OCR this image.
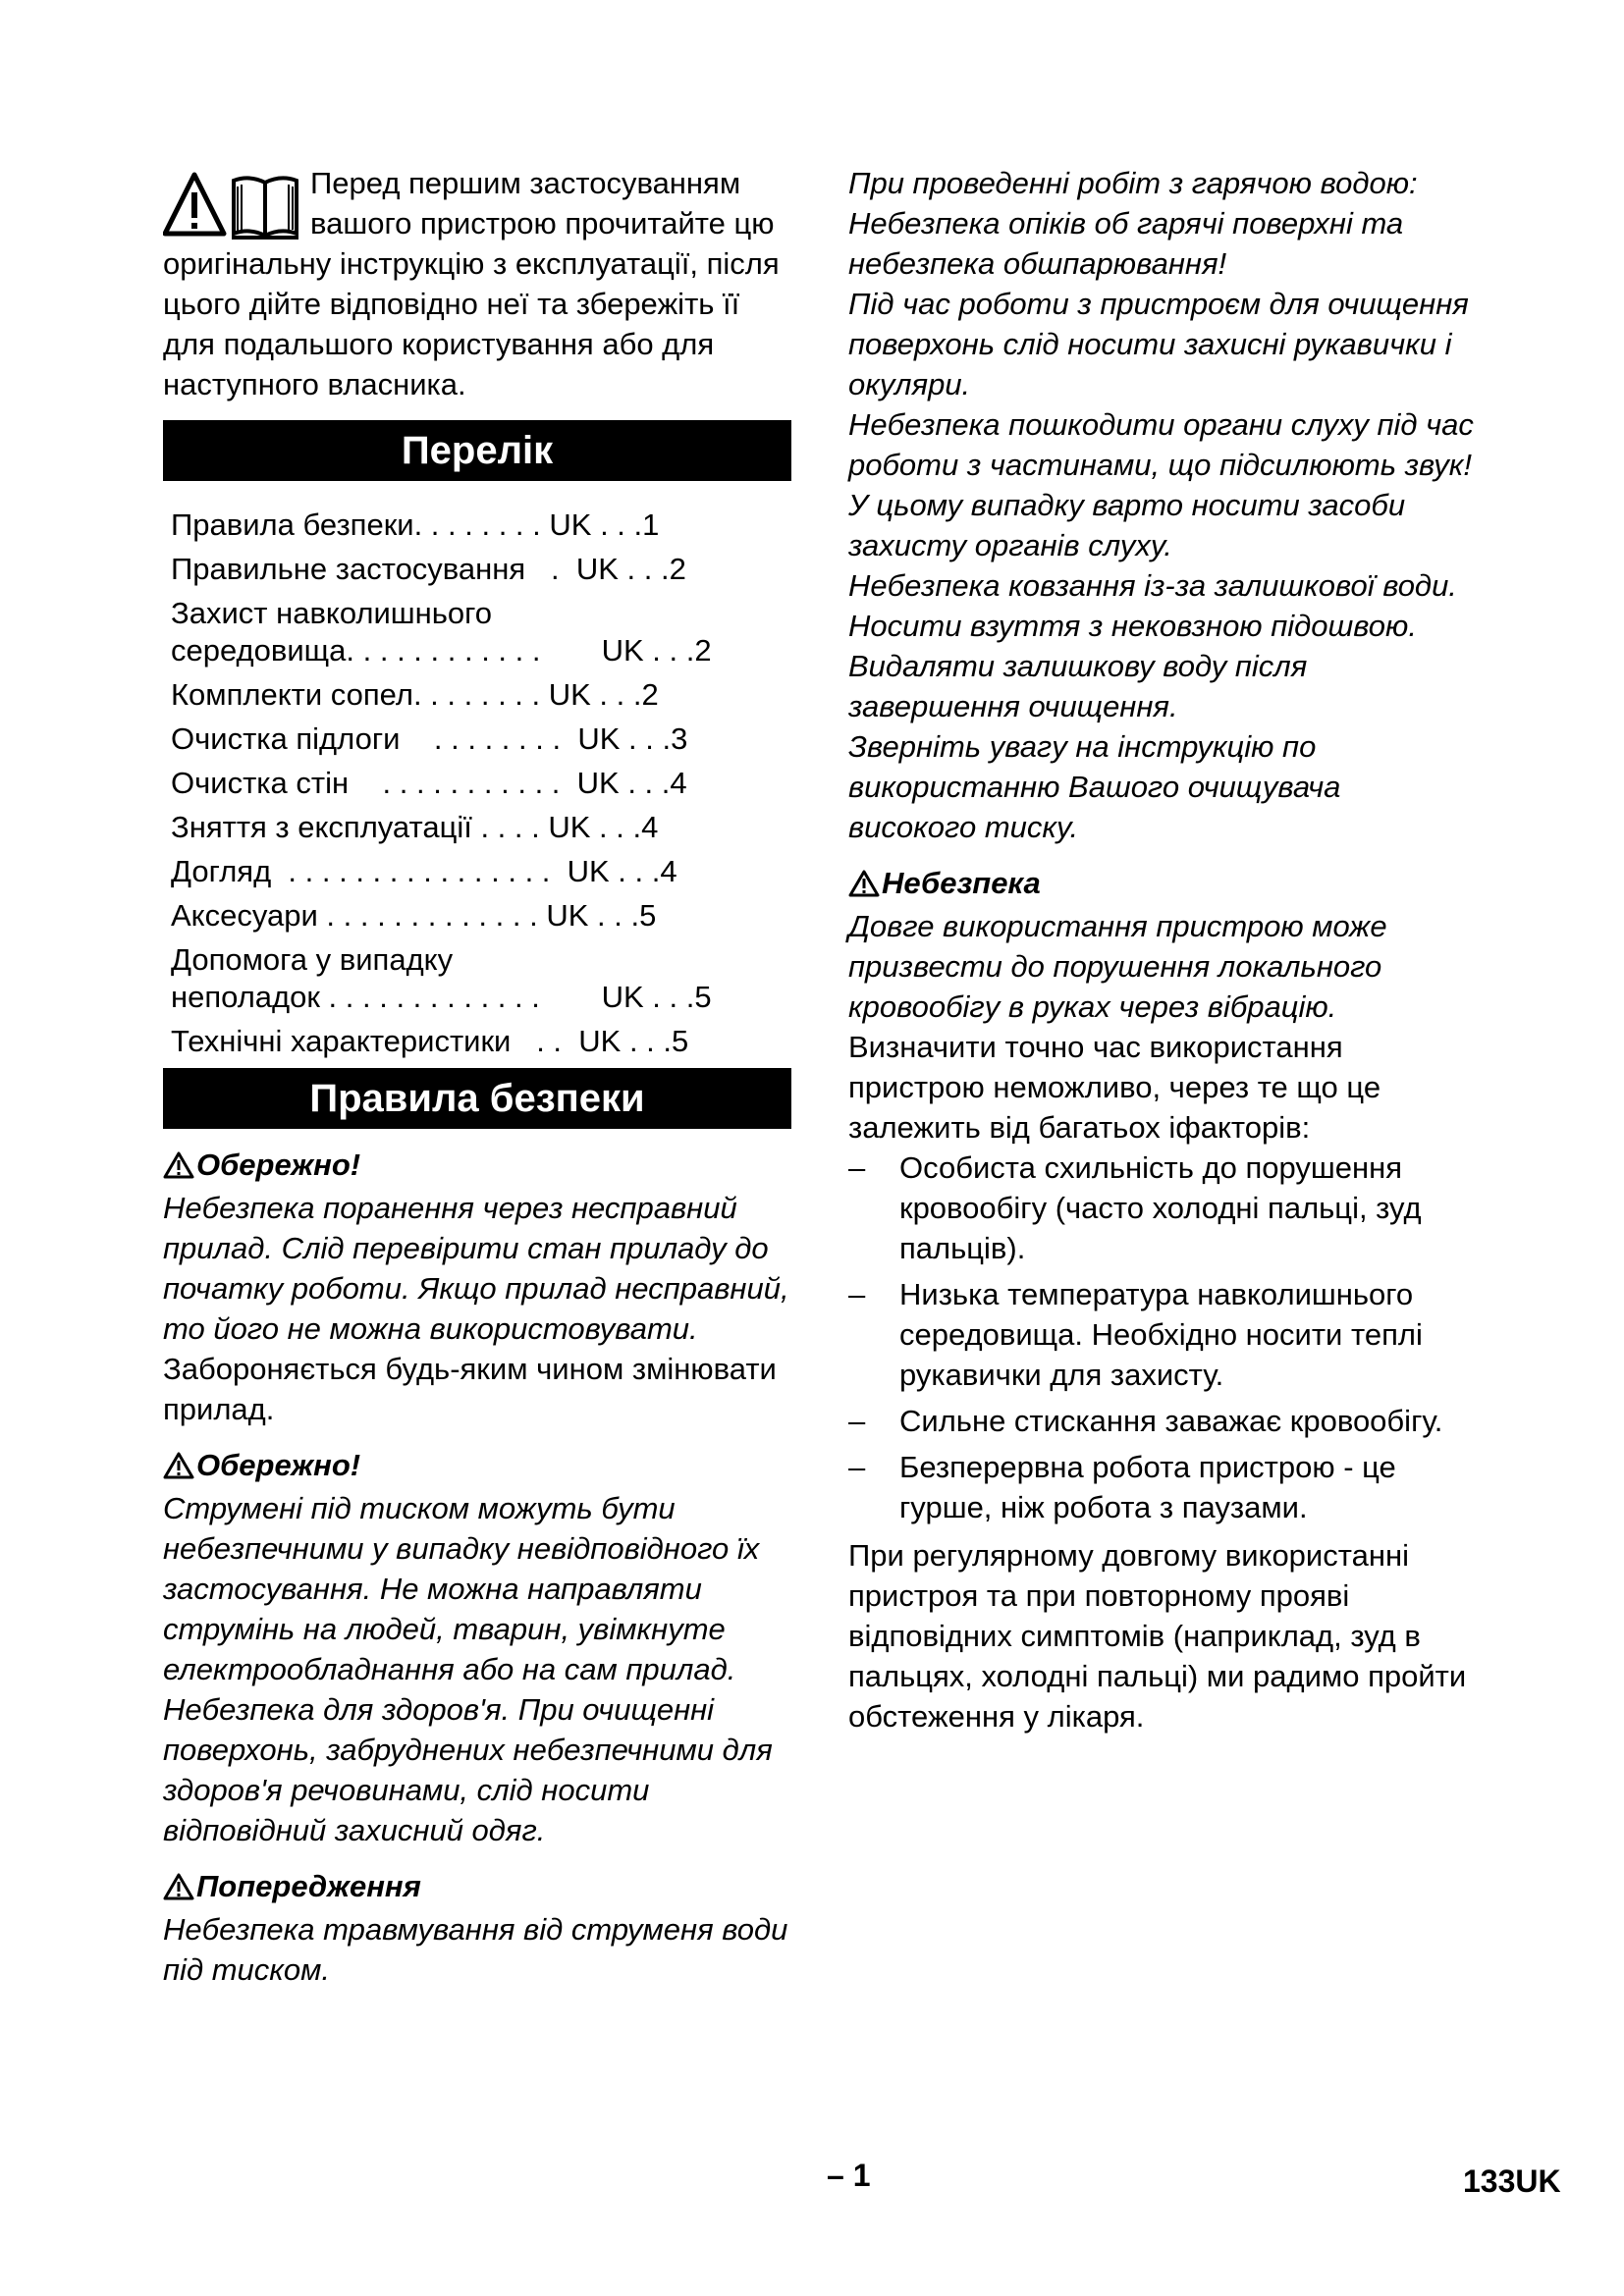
Перед першим застосуванням вашого пристрою прочитайте цю оригінальну інструкцію з експлуатації, після цього дійте відповідно неї та збережіть її для подальшого користування або для наступного власника.

Перелік
Правила безпеки. . . . . . . . UK . . .1
Правильне застосування .  UK . . .2
Захист навколишнього середовища. . . . . . . . . . . .	UK . . .2
Комплекти сопел. . . . . . . . UK . . .2
Очистка підлоги . . . . . . . .  UK . . .3
Очистка стін . . . . . . . . . . .  UK . . .4
Зняття з експлуатації . . . . UK . . .4
Догляд . . . . . . . . . . . . . . . .  UK . . .4
Аксесуари . . . . . . . . . . . . . UK . . .5
Допомога у випадку неполадок . . . . . . . . . . . . .	UK . . .5
Технічні характеристики . .  UK . . .5
Правила безпеки
Обережно!

Небезпека поранення через несправний прилад. Слід перевірити стан приладу до початку роботи. Якщо прилад несправний, то його не можна використовувати.

Забороняється будь-яким чином змінювати прилад.

Обережно!

Струмені під тиском можуть бути небезпечними у випадку невідповідного їх застосування. Не можна направляти струмінь на людей, тварин, увімкнуте електрообладнання або на сам прилад. Небезпека для здоров'я. При очищенні поверхонь, забруднених небезпечними для здоров'я речовинами, слід носити відповідний захисний одяг.

Попередження

Небезпека травмування від струменя води під тиском.

При проведенні робіт з гарячою водою: Небезпека опіків об гарячі поверхні та небезпека обшпарювання!

Під час роботи з пристроєм для очищення поверхонь слід носити захисні рукавички і окуляри.

Небезпека пошкодити органи слуху під час роботи з частинами, що підсилюють звук! У цьому випадку варто носити засоби захисту органів слуху.

Небезпека ковзання із-за залишкової води. Носити взуття з нековзною підошвою. Видаляти залишкову воду після завершення очищення.

Зверніть увагу на інструкцію по використанню Вашого очищувача високого тиску.

Небезпека

Довге використання пристрою може призвести до порушення локального кровообігу в руках через вібрацію.

Визначити точно час використання пристрою неможливо, через те що це залежить від багатьох іфакторів:

–	Особиста схильність до порушення кровообігу (часто холодні пальці, зуд пальців).
–	Низька температура навколишнього середовища. Необхідно носити теплі рукавички для захисту.
–	Сильне стискання заважає кровообігу.
–	Безперервна робота пристрою - це гурше, ніж робота з паузами.

При регулярному довгому використанні пристроя та при повторному прояві відповідних симптомів (наприклад, зуд в пальцях, холодні пальці) ми радимо пройти обстеження у лікаря.

– 1	133UK
